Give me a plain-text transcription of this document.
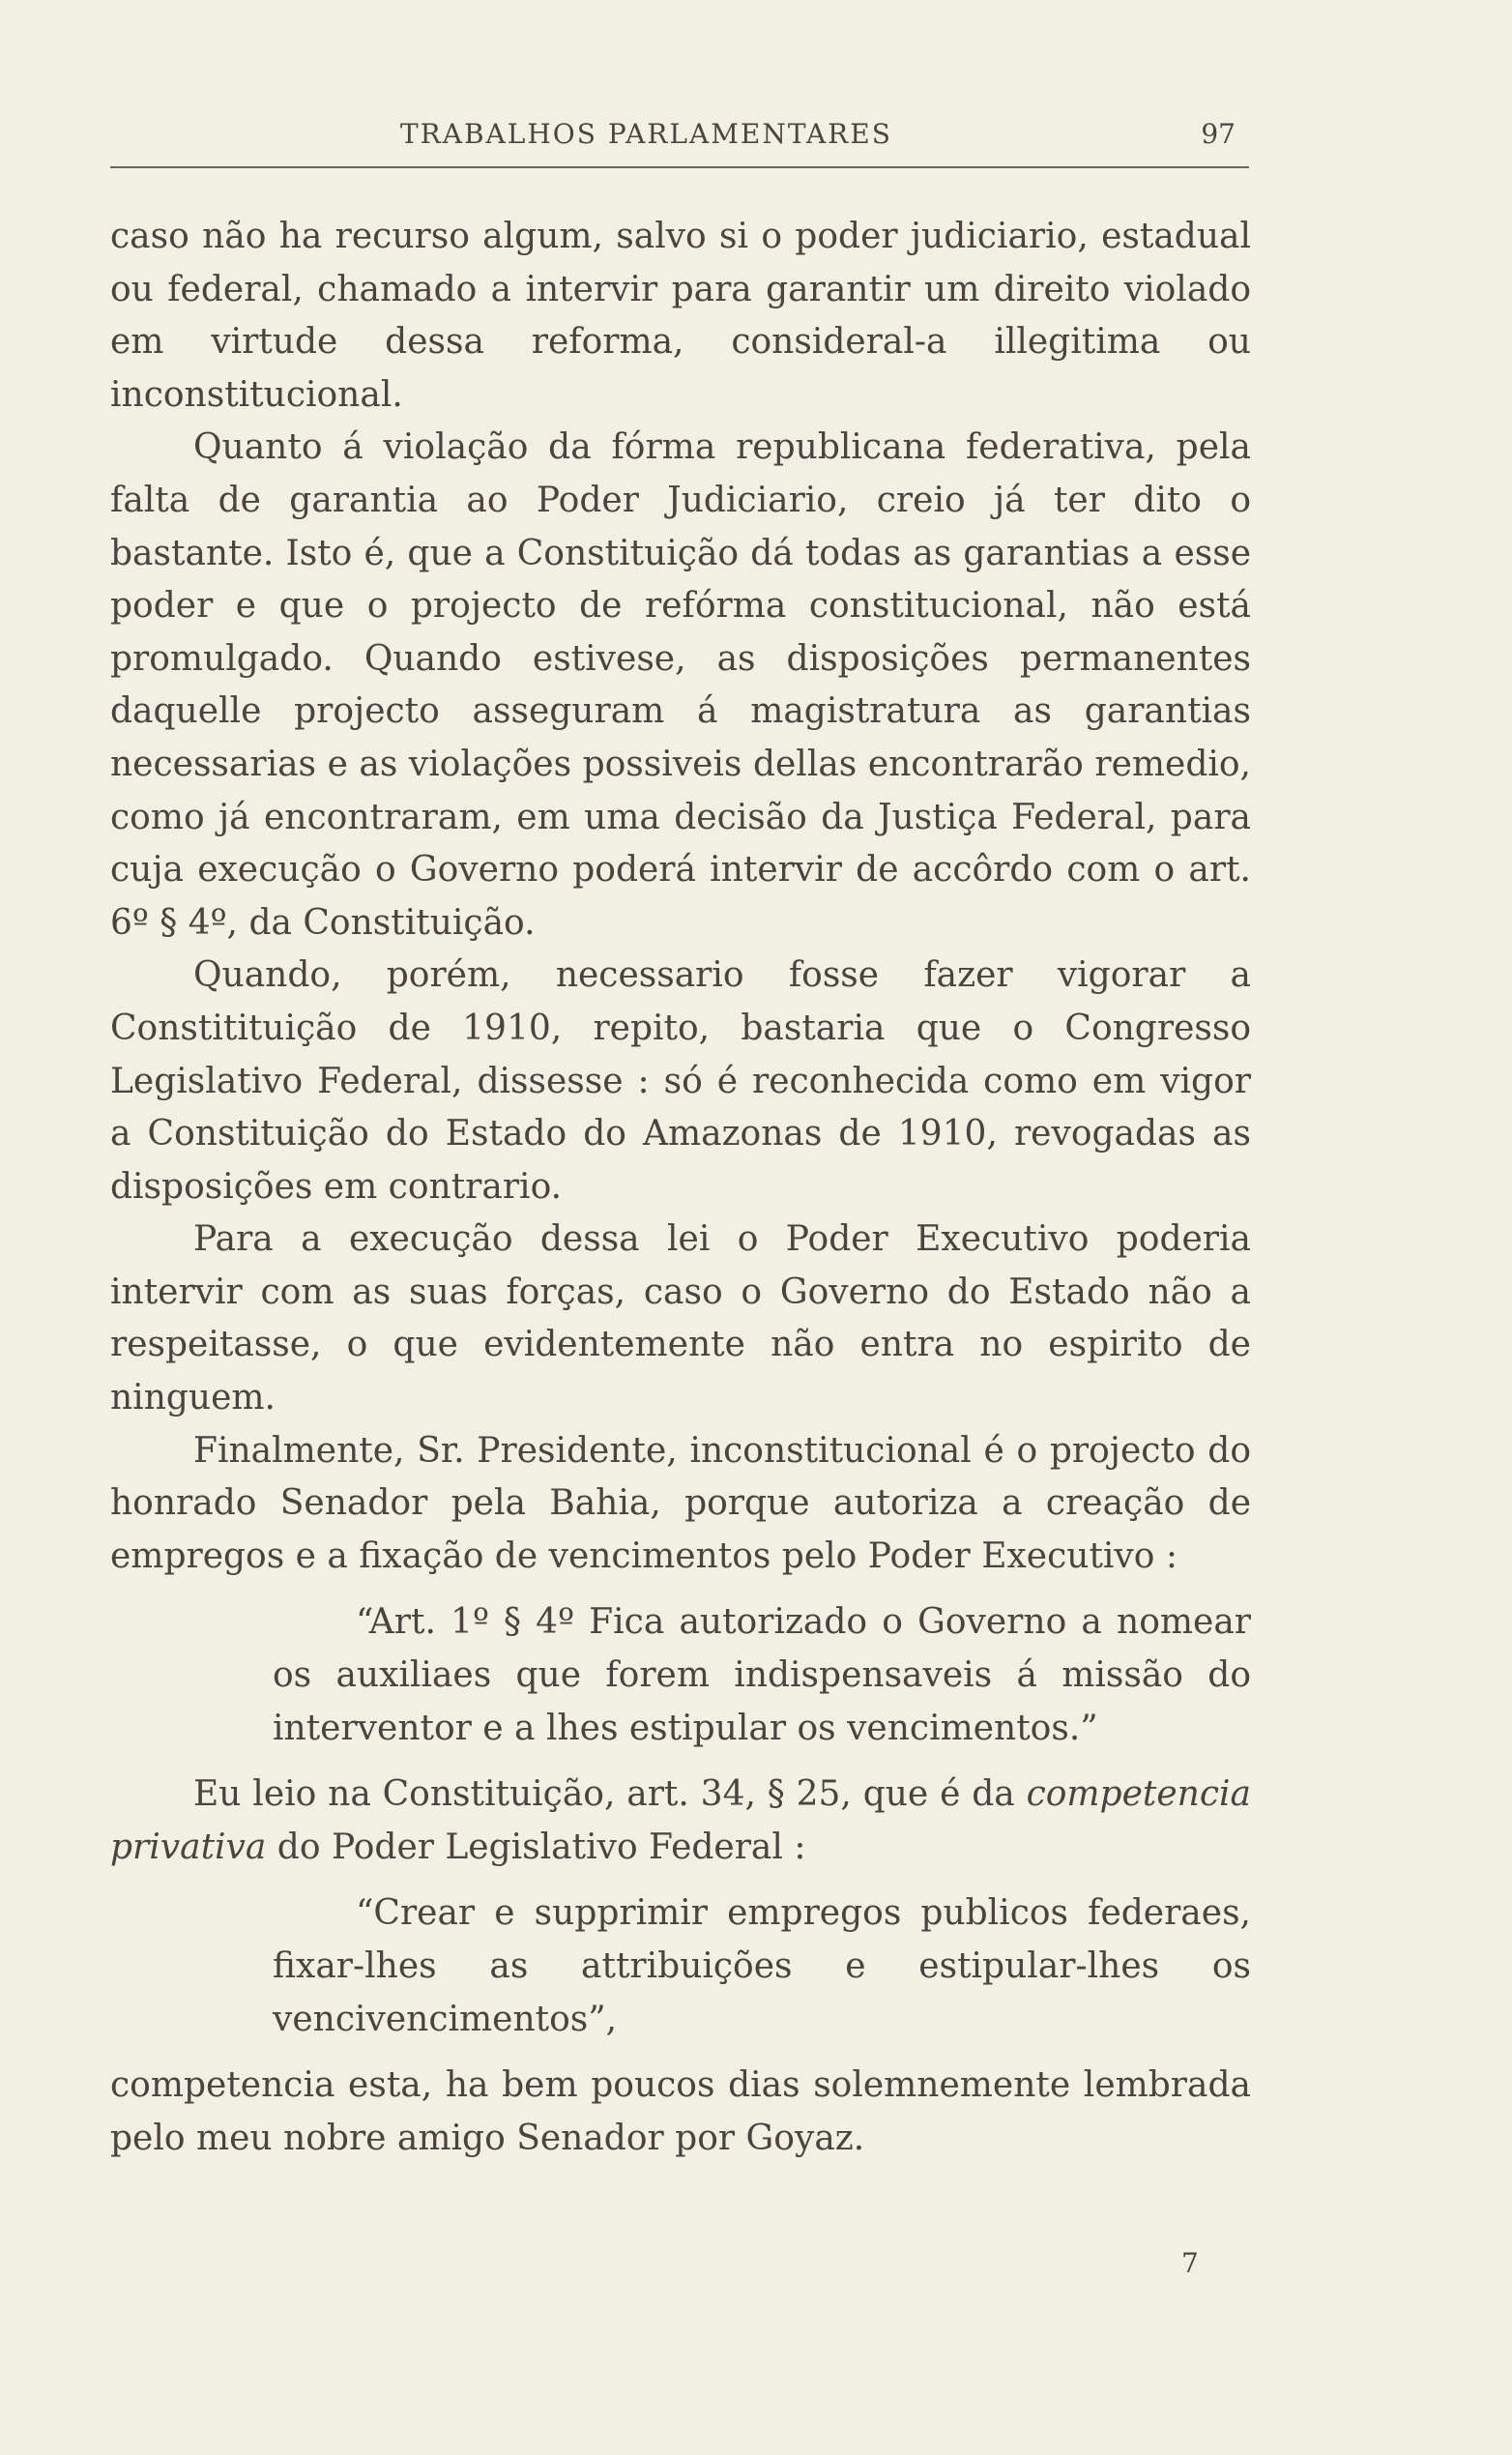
TRABALHOS PARLAMENTARES	97

caso não ha recurso algum, salvo si o poder judiciario, estadual ou federal, chamado a intervir para garantir um direito violado em virtude dessa reforma, consideral-a illegitima ou inconstitucional.

Quanto á violação da fórma republicana federativa, pela falta de garantia ao Poder Judiciario, creio já ter dito o bastante. Isto é, que a Constituição dá todas as garantias a esse poder e que o projecto de refórma constitucional, não está promulgado. Quando estivese, as disposições permanentes daquelle projecto asseguram á magistratura as garantias necessarias e as violações possiveis dellas encontrarão remedio, como já encontraram, em uma decisão da Justiça Federal, para cuja execução o Governo poderá intervir de accôrdo com o art. 6º § 4º, da Constituição.

Quando, porém, necessario fosse fazer vigorar a Constitituição de 1910, repito, bastaria que o Congresso Legislativo Federal, dissesse : só é reconhecida como em vigor a Constituição do Estado do Amazonas de 1910, revogadas as disposições em contrario.

Para a execução dessa lei o Poder Executivo poderia intervir com as suas forças, caso o Governo do Estado não a respeitasse, o que evidentemente não entra no espirito de ninguem.

Finalmente, Sr. Presidente, inconstitucional é o projecto do honrado Senador pela Bahia, porque autoriza a creação de empregos e a fixação de vencimentos pelo Poder Executivo :

“Art. 1º § 4º Fica autorizado o Governo a nomear os auxiliaes que forem indispensaveis á missão do interventor e a lhes estipular os vencimentos.”

Eu leio na Constituição, art. 34, § 25, que é da competencia privativa do Poder Legislativo Federal :

“Crear e supprimir empregos publicos federaes, fixar-lhes as attribuições e estipular-lhes os vencivencimentos”,

competencia esta, ha bem poucos dias solemnemente lembrada pelo meu nobre amigo Senador por Goyaz.

7
